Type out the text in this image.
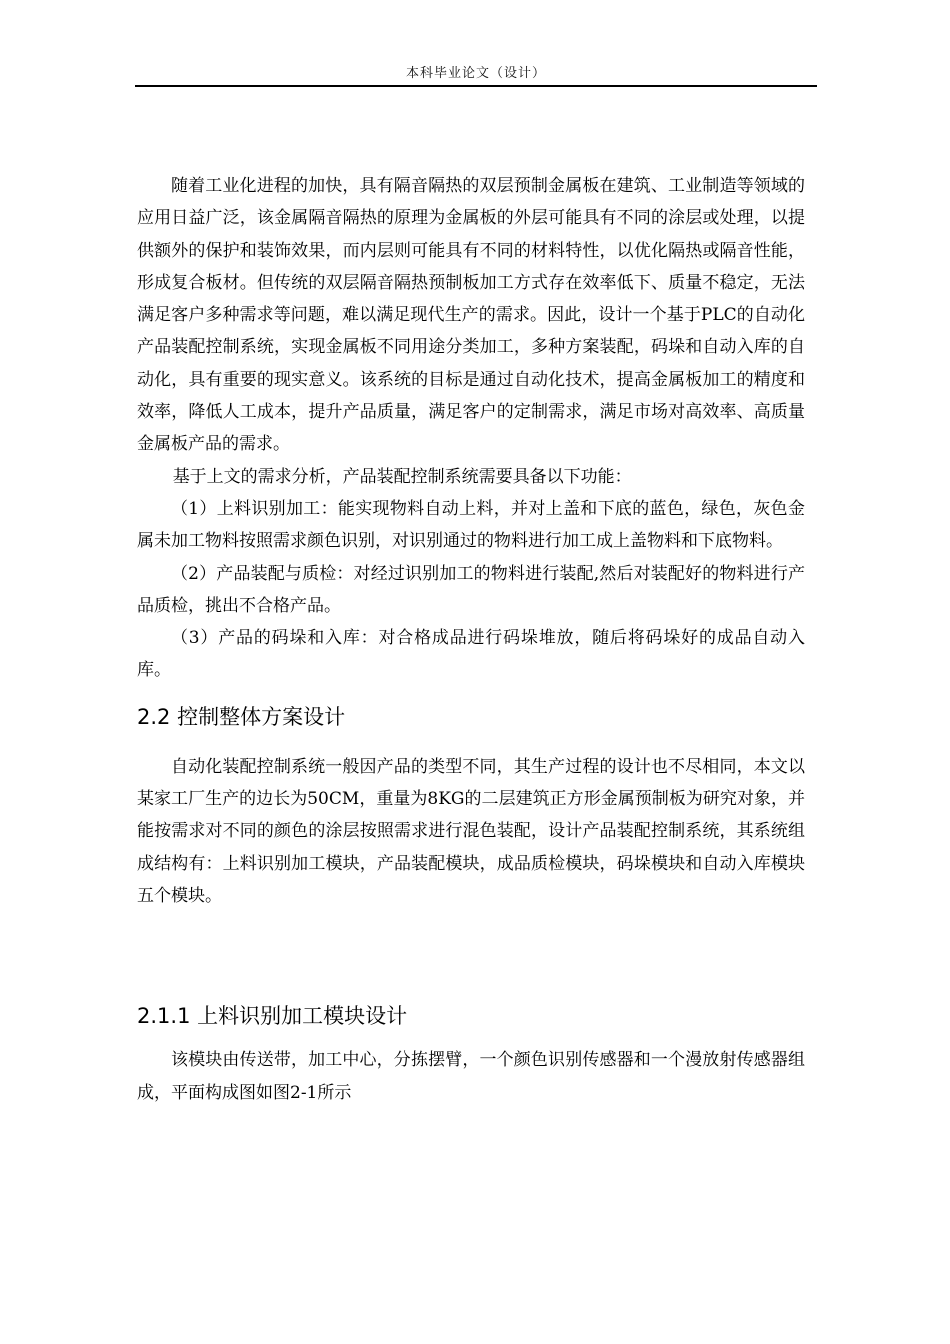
本科毕业论文（设计）

随着工业化进程的加快，具有隔音隔热的双层预制金属板在建筑、工业制造等领域的应用日益广泛，该金属隔音隔热的原理为金属板的外层可能具有不同的涂层或处理，以提供额外的保护和装饰效果，而内层则可能具有不同的材料特性，以优化隔热或隔音性能，形成复合板材。但传统的双层隔音隔热预制板加工方式存在效率低下、质量不稳定，无法满足客户多种需求等问题，难以满足现代生产的需求。因此，设计一个基于PLC的自动化产品装配控制系统，实现金属板不同用途分类加工，多种方案装配，码垛和自动入库的自动化，具有重要的现实意义。该系统的目标是通过自动化技术，提高金属板加工的精度和效率，降低人工成本，提升产品质量，满足客户的定制需求，满足市场对高效率、高质量金属板产品的需求。

基于上文的需求分析，产品装配控制系统需要具备以下功能：

（1）上料识别加工：能实现物料自动上料，并对上盖和下底的蓝色，绿色，灰色金属未加工物料按照需求颜色识别，对识别通过的物料进行加工成上盖物料和下底物料。

（2）产品装配与质检：对经过识别加工的物料进行装配,然后对装配好的物料进行产品质检，挑出不合格产品。

（3）产品的码垛和入库：对合格成品进行码垛堆放，随后将码垛好的成品自动入库。

2.2 控制整体方案设计

自动化装配控制系统一般因产品的类型不同，其生产过程的设计也不尽相同，本文以某家工厂生产的边长为50CM，重量为8KG的二层建筑正方形金属预制板为研究对象，并能按需求对不同的颜色的涂层按照需求进行混色装配，设计产品装配控制系统，其系统组成结构有：上料识别加工模块，产品装配模块，成品质检模块，码垛模块和自动入库模块五个模块。

2.1.1 上料识别加工模块设计

该模块由传送带，加工中心，分拣摆臂，一个颜色识别传感器和一个漫放射传感器组成，平面构成图如图2-1所示
